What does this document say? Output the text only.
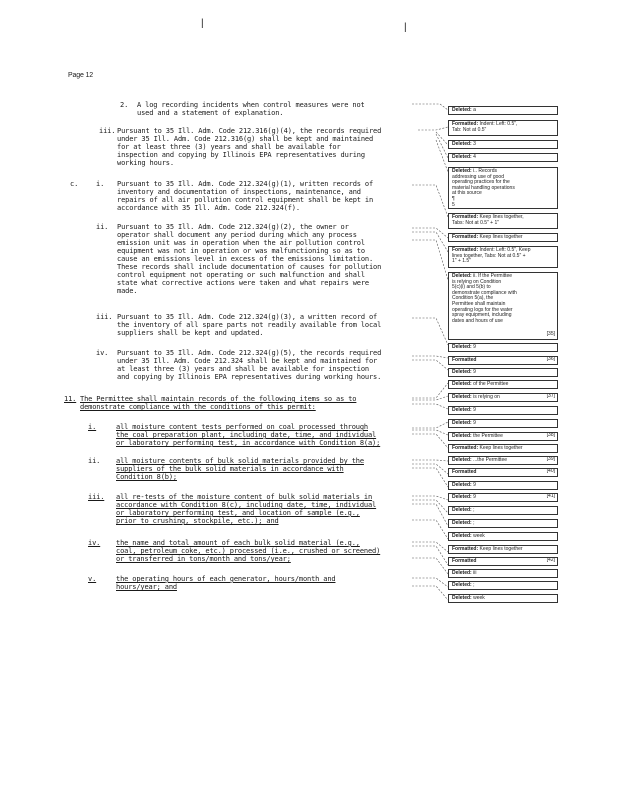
|	|
Page 12
2. A log recording incidents when control measures were not
used and a statement of explanation.
iii. Pursuant to 35 Ill. Adm. Code 212.316(g)(4), the records required
under 35 Ill. Adm. Code 212.316(g) shall be kept and maintained
for at least three (3) years and shall be available for
inspection and copying by Illinois EPA representatives during
working hours.
c.	i. Pursuant to 35 Ill. Adm. Code 212.324(g)(1), written records of
inventory and documentation of inspections, maintenance, and
repairs of all air pollution control equipment shall be kept in
accordance with 35 Ill. Adm. Code 212.324(f).
ii. Pursuant to 35 Ill. Adm. Code 212.324(g)(2), the owner or
operator shall document any period during which any process
emission unit was in operation when the air pollution control
equipment was not in operation or was malfunctioning so as to
cause an emissions level in excess of the emissions limitation.
These records shall include documentation of causes for pollution
control equipment not operating or such malfunction and shall
state what corrective actions were taken and what repairs were
made.
iii. Pursuant to 35 Ill. Adm. Code 212.324(g)(3), a written record of
the inventory of all spare parts not readily available from local
suppliers shall be kept and updated.
iv. Pursuant to 35 Ill. Adm. Code 212.324(g)(5), the records required
under 35 Ill. Adm. Code 212.324 shall be kept and maintained for
at least three (3) years and shall be available for inspection
and copying by Illinois EPA representatives during working hours.
11. The Permittee shall maintain records of the following items so as to
demonstrate compliance with the conditions of this permit:
i.	all moisture content tests performed on coal processed through
the coal preparation plant, including date, time, and individual
or laboratory performing test, in accordance with Condition 8(a);
ii. all moisture contents of bulk solid materials provided by the
suppliers of the bulk solid materials in accordance with
Condition 8(b);
iii. all re-tests of the moisture content of bulk solid materials in
accordance with Condition 8(c), including date, time, individual
or laboratory performing test, and location of sample (e.g.,
prior to crushing, stockpile, etc.); and
iv. the name and total amount of each bulk solid material (e.g.,
coal, petroleum coke, etc.) processed (i.e., crushed or screened)
or transferred in tons/month and tons/year;
v.	the operating hours of each generator, hours/month and
hours/year; and
Deleted: a
Formatted: Indent: Left: 0.5",
Tab: Not at 0.5"
Deleted: 3
Deleted: 4
Deleted: i.. Records
addressing use of good
operating practices for the
material handling operations
at this source
¶
5
Formatted: Keep lines together,
Tabs: Not at 0.5" + 1"
Formatted: Keep lines together
Formatted: Indent: Left: 0.5", Keep
lines together, Tabs: Not at 0.5" +
1" + 1.5"
Deleted: ii. If the Permittee
is relying on Condition
5(c)(i) and 5(b) to
demonstrate compliance with
Condition 5(a), the
Permittee shall maintain
operating logs for the water
spray equipment, including
dates and hours of use
[35]
Deleted: 9
Formatted	[36]
Deleted: 9
Deleted: of the Permittee
Deleted: is relying on	[37]
Deleted: 9
Deleted: 9
Deleted: the Permittee	[38]
Formatted: Keep lines together
Deleted: ...the Permittee	[39]
Formatted	[40]
Deleted: 9
Deleted: 9	[41]
Deleted: ;
Deleted: ;
Deleted: week
Formatted: Keep lines together
Formatted	[42]
Deleted: iii
Deleted: ;
Deleted: week
